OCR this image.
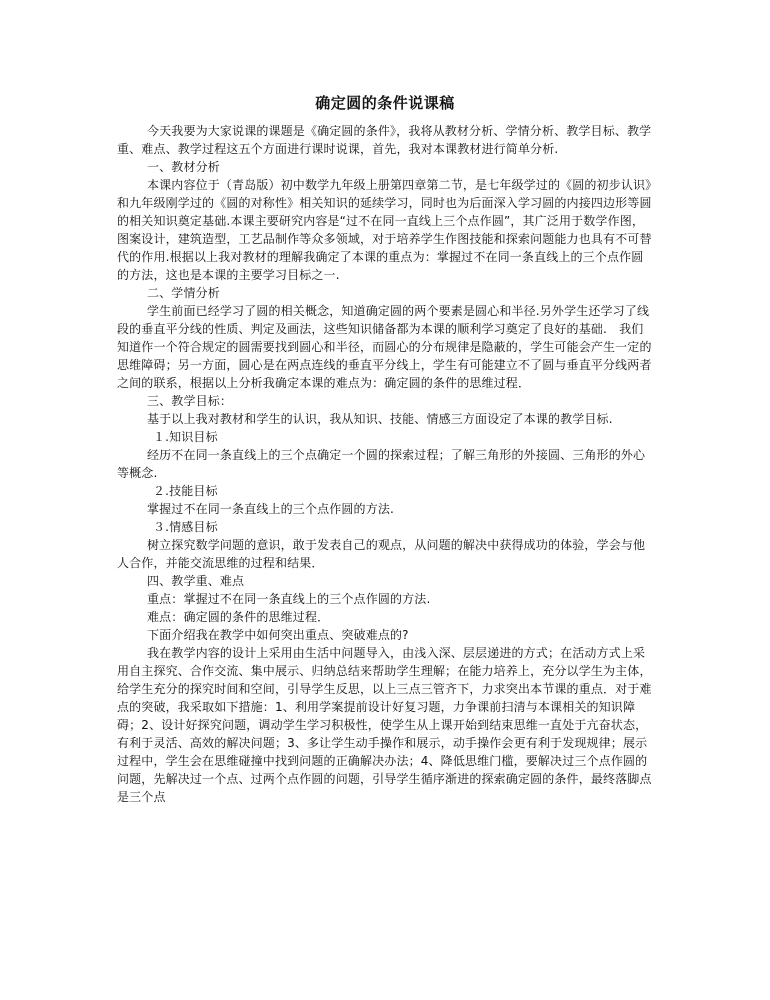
确定圆的条件说课稿

今天我要为大家说课的课题是《确定圆的条件》，我将从教材分析、学情分析、教学目标、教学重、难点、教学过程这五个方面进行课时说课，首先，我对本课教材进行简单分析.

一、教材分析

本课内容位于（青岛版）初中数学九年级上册第四章第二节，是七年级学过的《圆的初步认识》和九年级刚学过的《圆的对称性》相关知识的延续学习，同时也为后面深入学习圆的内接四边形等圆的相关知识奠定基础.本课主要研究内容是“过不在同一直线上三个点作圆”，其广泛用于数学作图，图案设计，建筑造型，工艺品制作等众多领域，对于培养学生作图技能和探索问题能力也具有不可替代的作用.根据以上我对教材的理解我确定了本课的重点为：掌握过不在同一条直线上的三个点作圆的方法，这也是本课的主要学习目标之一.

二、学情分析

学生前面已经学习了圆的相关概念，知道确定圆的两个要素是圆心和半径.另外学生还学习了线段的垂直平分线的性质、判定及画法，这些知识储备都为本课的顺利学习奠定了良好的基础.　我们知道作一个符合规定的圆需要找到圆心和半径，而圆心的分布规律是隐蔽的，学生可能会产生一定的思维障碍；另一方面，圆心是在两点连线的垂直平分线上，学生有可能建立不了圆与垂直平分线两者之间的联系，根据以上分析我确定本课的难点为：确定圆的条件的思维过程．

三、教学目标：

基于以上我对教材和学生的认识，我从知识、技能、情感三方面设定了本课的教学目标.

１.知识目标

经历不在同一条直线上的三个点确定一个圆的探索过程；了解三角形的外接圆、三角形的外心等概念.

２.技能目标

掌握过不在同一条直线上的三个点作圆的方法.

３.情感目标

树立探究数学问题的意识，敢于发表自己的观点，从问题的解决中获得成功的体验，学会与他人合作，并能交流思维的过程和结果．

四、教学重、难点

重点：掌握过不在同一条直线上的三个点作圆的方法.

难点：确定圆的条件的思维过程．

下面介绍我在教学中如何突出重点、突破难点的?

我在教学内容的设计上采用由生活中问题导入，由浅入深、层层递进的方式；在活动方式上采用自主探究、合作交流、集中展示、归纳总结来帮助学生理解；在能力培养上，充分以学生为主体，给学生充分的探究时间和空间，引导学生反思，以上三点三管齐下，力求突出本节课的重点．对于难点的突破，我采取如下措施：1、利用学案提前设计好复习题，力争课前扫清与本课相关的知识障碍；2、设计好探究问题，调动学生学习积极性，使学生从上课开始到结束思维一直处于亢奋状态，有利于灵活、高效的解决问题；3、多让学生动手操作和展示，动手操作会更有利于发现规律；展示过程中，学生会在思维碰撞中找到问题的正确解决办法；4、降低思维门槛，要解决过三个点作圆的问题，先解决过一个点、过两个点作圆的问题，引导学生循序渐进的探索确定圆的条件，最终落脚点是三个点
